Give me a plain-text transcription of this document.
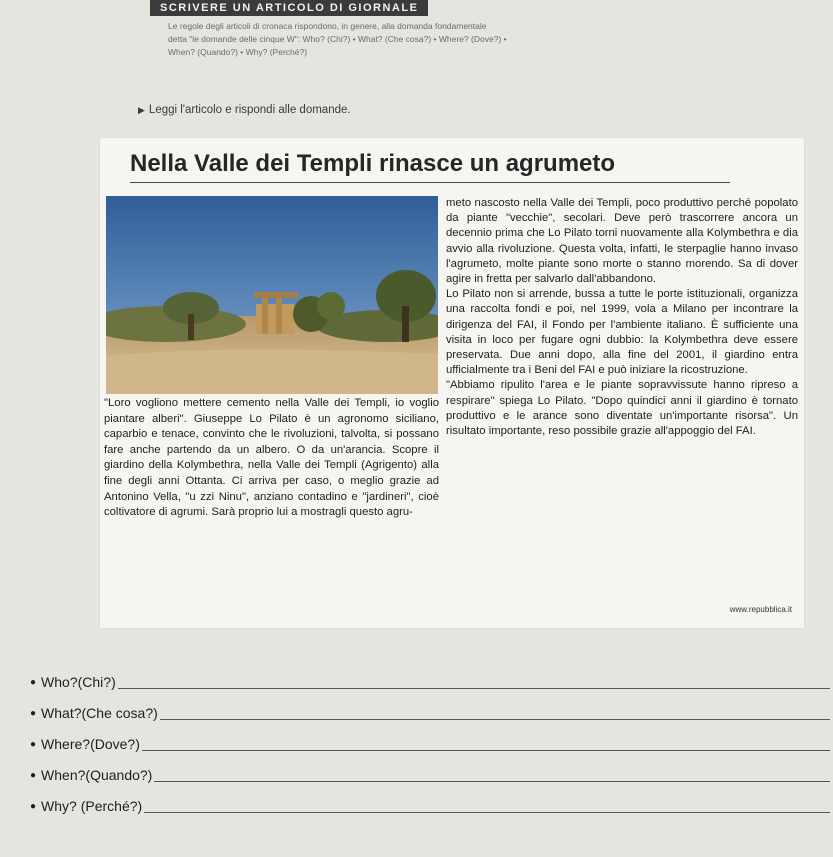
SCRIVERE UN ARTICOLO DI GIORNALE
Le regole degli articoli di cronaca rispondono, in genere, alla domanda fondamentale
detta "le domande delle cinque W": Who? (Chi?) • What? (Che cosa?) • Where? (Dove?) •
When? (Quando?) • Why? (Perché?)
▶ Leggi l'articolo e rispondi alle domande.
Nella Valle dei Templi rinasce un agrumeto

"Loro vogliono mettere cemento nella Valle dei Templi, io voglio piantare alberi". Giuseppe Lo Pilato è un agronomo siciliano, caparbio e tenace, convinto che le rivoluzioni, talvolta, si possano fare anche partendo da un albero. O da un'arancia. Scopre il giardino della Kolymbethra, nella Valle dei Templi (Agrigento) alla fine degli anni Ottanta. Ci arriva per caso, o meglio grazie ad Antonino Vella, "u zzi Ninu", anziano contadino e "jardineri", cioè coltivatore di agrumi. Sarà proprio lui a mostragli questo agru-

meto nascosto nella Valle dei Templi, poco produttivo perché popolato da piante "vecchie", secolari. Deve però trascorrere ancora un decennio prima che Lo Pilato torni nuovamente alla Kolymbethra e dia avvio alla rivoluzione. Questa volta, infatti, le sterpaglie hanno invaso l'agrumeto, molte piante sono morte o stanno morendo. Sa di dover agire in fretta per salvarlo dall'abbandono.

Lo Pilato non si arrende, bussa a tutte le porte istituzionali, organizza una raccolta fondi e poi, nel 1999, vola a Milano per incontrare la dirigenza del FAI, il Fondo per l'ambiente italiano. È sufficiente una visita in loco per fugare ogni dubbio: la Kolymbethra deve essere preservata. Due anni dopo, alla fine del 2001, il giardino entra ufficialmente tra i Beni del FAI e può iniziare la ricostruzione.

"Abbiamo ripulito l'area e le piante sopravvissute hanno ripreso a respirare" spiega Lo Pilato. "Dopo quindici anni il giardino è tornato produttivo e le arance sono diventate un'importante risorsa". Un risultato importante, reso possibile grazie all'appoggio del FAI.

www.repubblica.it
● Who?(Chi?)
● What?(Che cosa?)
● Where?(Dove?)
● When?(Quando?)
● Why? (Perché?)
